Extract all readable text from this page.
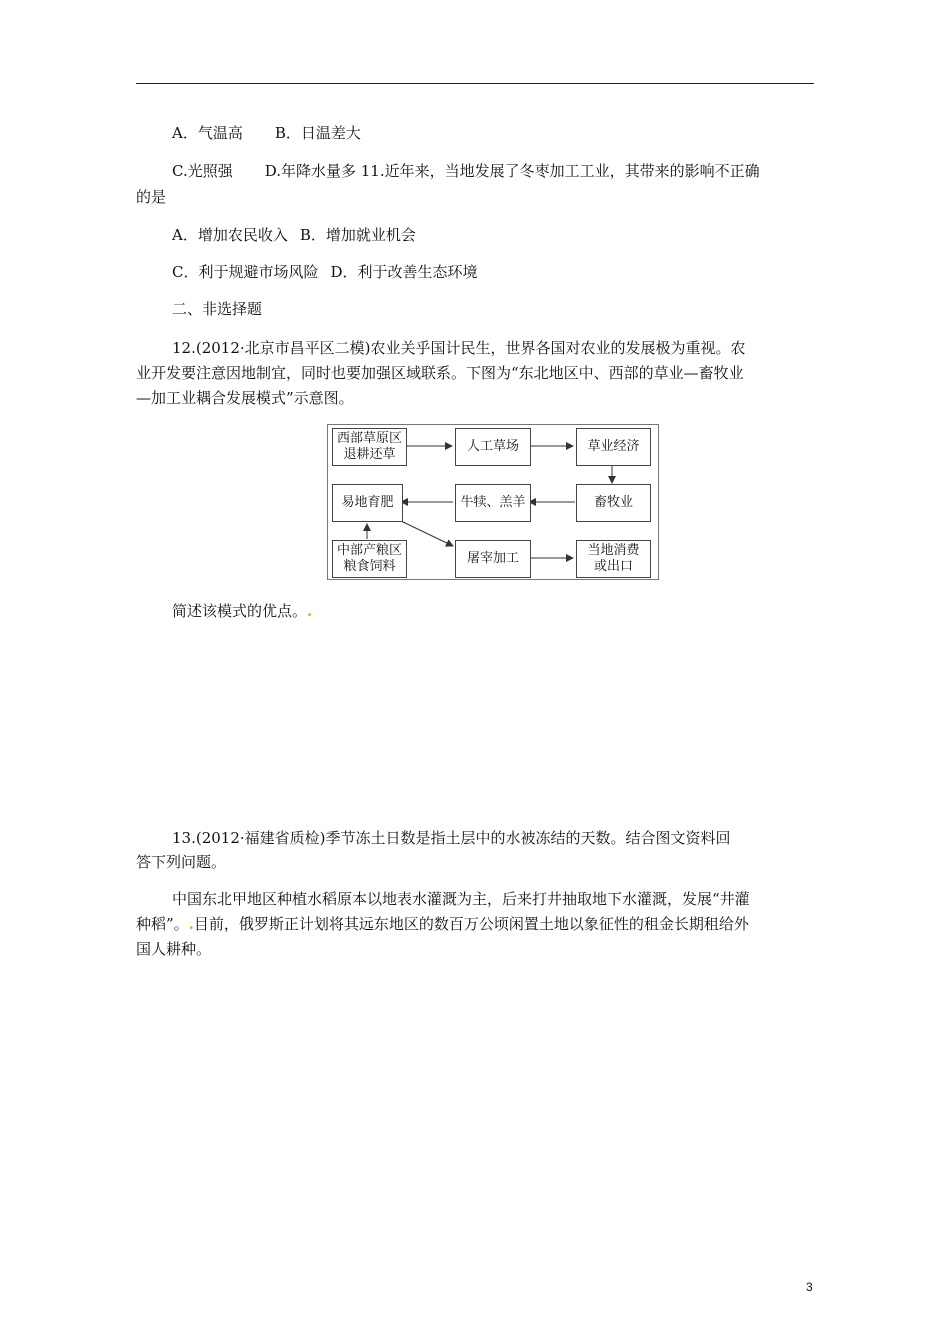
A．气温高 B．日温差大
C.光照强 D.年降水量多 11.近年来，当地发展了冬枣加工工业，其带来的影响不正确
的是
A．增加农民收入 B．增加就业机会
C．利于规避市场风险 D．利于改善生态环境
二、非选择题
12.(2012·北京市昌平区二模)农业关乎国计民生，世界各国对农业的发展极为重视。农
业开发要注意因地制宜，同时也要加强区域联系。下图为“东北地区中、西部的草业—畜牧业
—加工业耦合发展模式”示意图。
西部草原区
退耕还草
人工草场	草业经济
易地育肥	牛犊、羔羊	畜牧业
中部产粮区
粮食饲料
屠宰加工
当地消费
或出口
简述该模式的优点。.
13.(2012·福建省质检)季节冻土日数是指土层中的水被冻结的天数。结合图文资料回
答下列问题。
中国东北甲地区种植水稻原本以地表水灌溉为主，后来打井抽取地下水灌溉，发展“井灌
种稻”。.目前，俄罗斯正计划将其远东地区的数百万公顷闲置土地以象征性的租金长期租给外
国人耕种。
3
